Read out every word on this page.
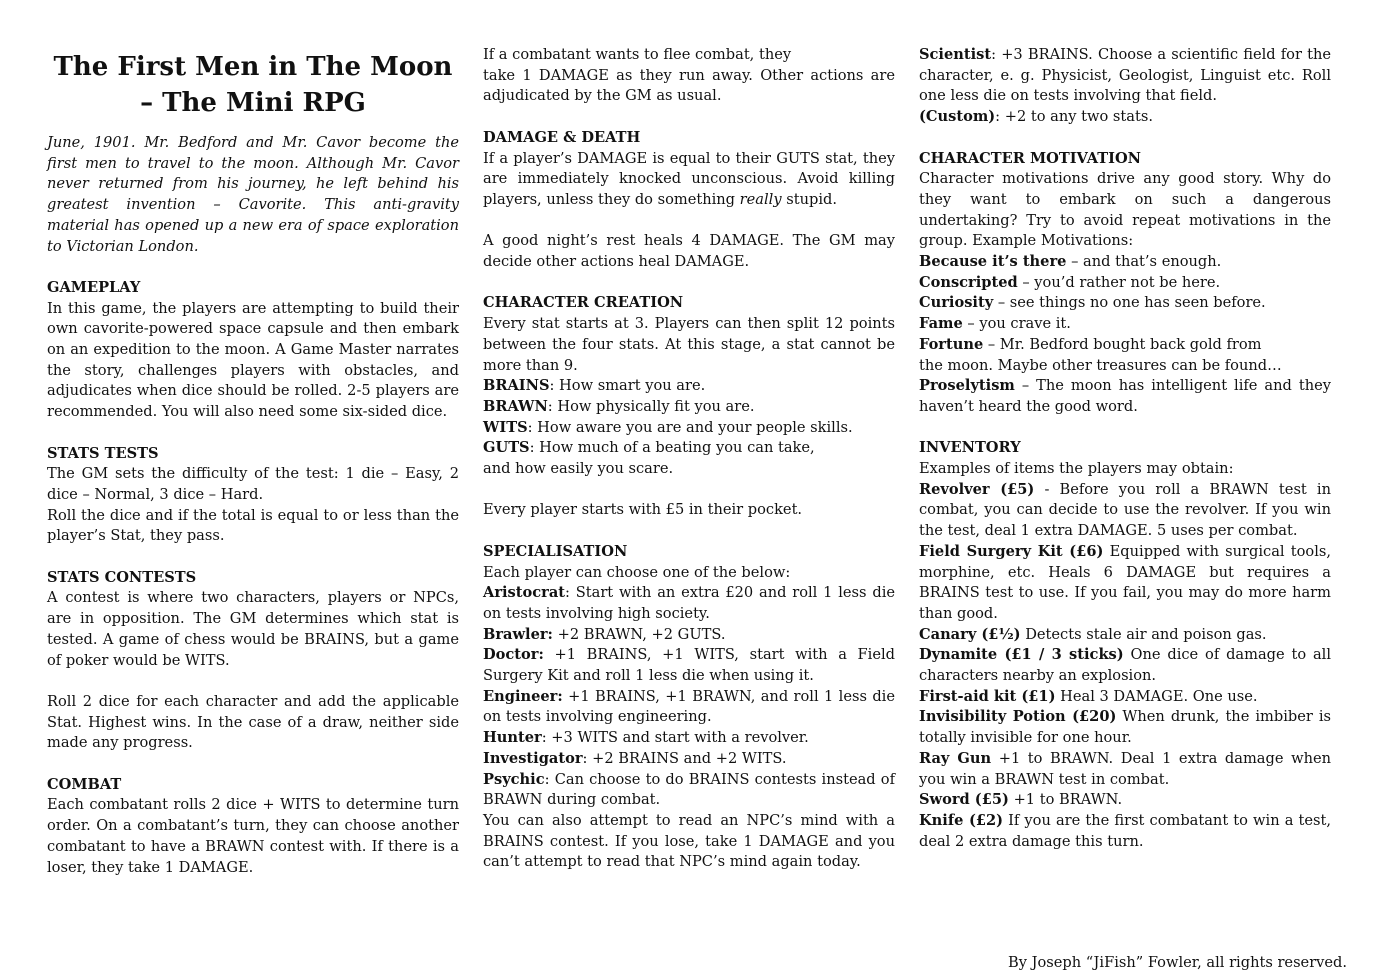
The First Men in The Moon – The Mini RPG
June, 1901. Mr. Bedford and Mr. Cavor become the first men to travel to the moon. Although Mr. Cavor never returned from his journey, he left behind his greatest invention – Cavorite. This anti-gravity material has opened up a new era of space exploration to Victorian London.
GAMEPLAY
In this game, the players are attempting to build their own cavorite-powered space capsule and then embark on an expedition to the moon. A Game Master narrates the story, challenges players with obstacles, and adjudicates when dice should be rolled. 2-5 players are recommended. You will also need some six-sided dice.
STATS TESTS
The GM sets the difficulty of the test: 1 die – Easy, 2 dice – Normal, 3 dice – Hard.
Roll the dice and if the total is equal to or less than the player’s Stat, they pass.
STATS CONTESTS
A contest is where two characters, players or NPCs, are in opposition. The GM determines which stat is tested. A game of chess would be BRAINS, but a game of poker would be WITS.
Roll 2 dice for each character and add the applicable Stat. Highest wins. In the case of a draw, neither side made any progress.
COMBAT
Each combatant rolls 2 dice + WITS to determine turn order. On a combatant’s turn, they can choose another combatant to have a BRAWN contest with. If there is a loser, they take 1 DAMAGE.
If a combatant wants to flee combat, they
take 1 DAMAGE as they run away. Other actions are adjudicated by the GM as usual.
DAMAGE & DEATH
If a player’s DAMAGE is equal to their GUTS stat, they are immediately knocked unconscious. Avoid killing players, unless they do something really stupid.
A good night’s rest heals 4 DAMAGE. The GM may decide other actions heal DAMAGE.
CHARACTER CREATION
Every stat starts at 3. Players can then split 12 points between the four stats. At this stage, a stat cannot be more than 9.
BRAINS: How smart you are.
BRAWN: How physically fit you are.
WITS: How aware you are and your people skills.
GUTS: How much of a beating you can take,
and how easily you scare.
Every player starts with £5 in their pocket.
SPECIALISATION
Each player can choose one of the below:
Aristocrat: Start with an extra £20 and roll 1 less die on tests involving high society.
Brawler: +2 BRAWN, +2 GUTS.
Doctor: +1 BRAINS, +1 WITS, start with a Field Surgery Kit and roll 1 less die when using it.
Engineer: +1 BRAINS, +1 BRAWN, and roll 1 less die on tests involving engineering.
Hunter: +3 WITS and start with a revolver.
Investigator: +2 BRAINS and +2 WITS.
Psychic: Can choose to do BRAINS contests instead of BRAWN during combat.
You can also attempt to read an NPC’s mind with a BRAINS contest. If you lose, take 1 DAMAGE and you can’t attempt to read that NPC’s mind again today.
Scientist: +3 BRAINS. Choose a scientific field for the character, e. g. Physicist, Geologist, Linguist etc. Roll one less die on tests involving that field.
(Custom): +2 to any two stats.
CHARACTER MOTIVATION
Character motivations drive any good story. Why do they want to embark on such a dangerous undertaking? Try to avoid repeat motivations in the group. Example Motivations:
Because it’s there – and that’s enough.
Conscripted – you’d rather not be here.
Curiosity – see things no one has seen before.
Fame – you crave it.
Fortune – Mr. Bedford bought back gold from
the moon. Maybe other treasures can be found…
Proselytism – The moon has intelligent life and they haven’t heard the good word.
INVENTORY
Examples of items the players may obtain:
Revolver (£5) - Before you roll a BRAWN test in combat, you can decide to use the revolver. If you win the test, deal 1 extra DAMAGE. 5 uses per combat.
Field Surgery Kit (£6) Equipped with surgical tools, morphine, etc. Heals 6 DAMAGE but requires a BRAINS test to use. If you fail, you may do more harm than good.
Canary (£½) Detects stale air and poison gas.
Dynamite (£1 / 3 sticks) One dice of damage to all characters nearby an explosion.
First-aid kit (£1) Heal 3 DAMAGE. One use.
Invisibility Potion (£20) When drunk, the imbiber is totally invisible for one hour.
Ray Gun +1 to BRAWN. Deal 1 extra damage when you win a BRAWN test in combat.
Sword (£5) +1 to BRAWN.
Knife (£2) If you are the first combatant to win a test, deal 2 extra damage this turn.
By Joseph “JiFish” Fowler, all rights reserved.
